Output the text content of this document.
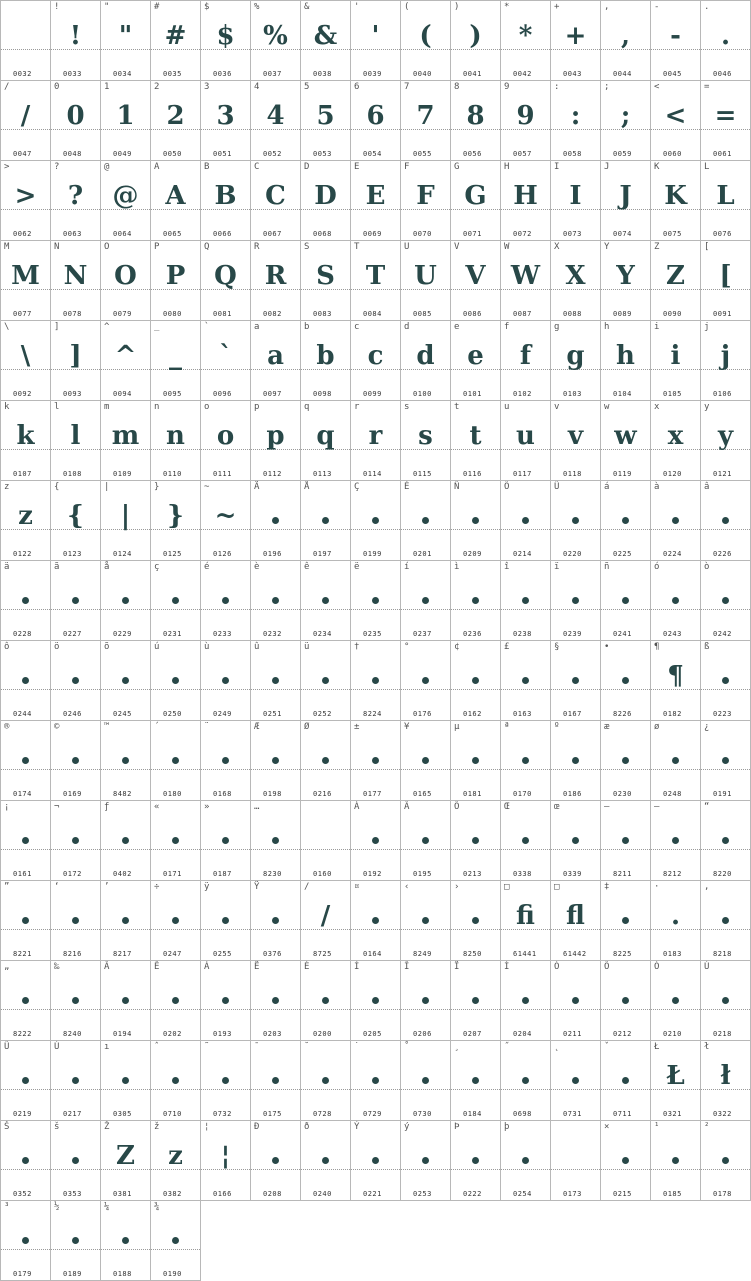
0032
!
!
0033
"
"
0034
#
#
0035
$
$
0036
%
%
0037
&
&
0038
'
'
0039
(
(
0040
)
)
0041
*
*
0042
+
+
0043
,
,
0044
-
-
0045
.
.
0046
/
/
0047
0
0
0048
1
1
0049
2
2
0050
3
3
0051
4
4
0052
5
5
0053
6
6
0054
7
7
0055
8
8
0056
9
9
0057
:
:
0058
;
;
0059
<
<
0060
=
=
0061
>
>
0062
?
?
0063
@
@
0064
A
A
0065
B
B
0066
C
C
0067
D
D
0068
E
E
0069
F
F
0070
G
G
0071
H
H
0072
I
I
0073
J
J
0074
K
K
0075
L
L
0076
M
M
0077
N
N
0078
O
O
0079
P
P
0080
Q
Q
0081
R
R
0082
S
S
0083
T
T
0084
U
U
0085
V
V
0086
W
W
0087
X
X
0088
Y
Y
0089
Z
Z
0090
[
[
0091
\
\
0092
]
]
0093
^
^
0094
_
_
0095
`
`
0096
a
a
0097
b
b
0098
c
c
0099
d
d
0100
e
e
0101
f
f
0102
g
g
0103
h
h
0104
i
i
0105
j
j
0106
k
k
0107
l
l
0108
m
m
0109
n
n
0110
o
o
0111
p
p
0112
q
q
0113
r
r
0114
s
s
0115
t
t
0116
u
u
0117
v
v
0118
w
w
0119
x
x
0120
y
y
0121
z
z
0122
{
{
0123
|
|
0124
}
}
0125
~
~
0126
Ä
0196
Å
0197
Ç
0199
É
0201
Ñ
0209
Ö
0214
Ü
0220
á
0225
à
0224
â
0226
ä
0228
ã
0227
å
0229
ç
0231
é
0233
è
0232
ê
0234
ë
0235
í
0237
ì
0236
î
0238
ï
0239
ñ
0241
ó
0243
ò
0242
ô
0244
ö
0246
õ
0245
ú
0250
ù
0249
û
0251
ü
0252
†
8224
°
0176
¢
0162
£
0163
§
0167
•
8226
¶
¶
0182
ß
0223
®
0174
©
0169
™
8482
´
0180
¨
0168
Æ
0198
Ø
0216
±
0177
¥
0165
µ
0181
ª
0170
º
0186
æ
0230
ø
0248
¿
0191
¡
0161
¬
0172
ƒ
0402
«
0171
»
0187
…
8230	0160
À
0192
Ã
0195
Õ
0213
Œ
0338
œ
0339
–
8211
—
8212
“
8220
”
8221
‘
8216
’
8217
÷
0247
ÿ
0255
Ÿ
0376
/
/
8725
¤
0164
‹
8249
›
8250
□
fi
61441
□
fl
61442
‡
8225
·
.
0183
‚
8218
„
8222
‰
8240
Â
0194
Ê
0202
Á
0193
Ë
0203
È
0200
Í
0205
Î
0206
Ï
0207
Ì
0204
Ó
0211
Ô
0212
Ò
0210
Ú
0218
Û
0219
Ù
0217
ı
0305
ˆ
0710
˜
0732
¯
0175
˘
0728
˙
0729
˚
0730
¸
0184
˝
0698
˛
0731
ˇ
0711
Ł
Ł
0321
ł
ł
0322
Š
0352
š
0353
Ž
Z
0381
ž
z
0382
¦
¦
0166
Ð
0208
ð
0240
Ý
0221
ý
0253
Þ
0222
þ
0254	0173
×
0215
¹
0185
²
0178
³
0179
½
0189
¼
0188
¾
0190
